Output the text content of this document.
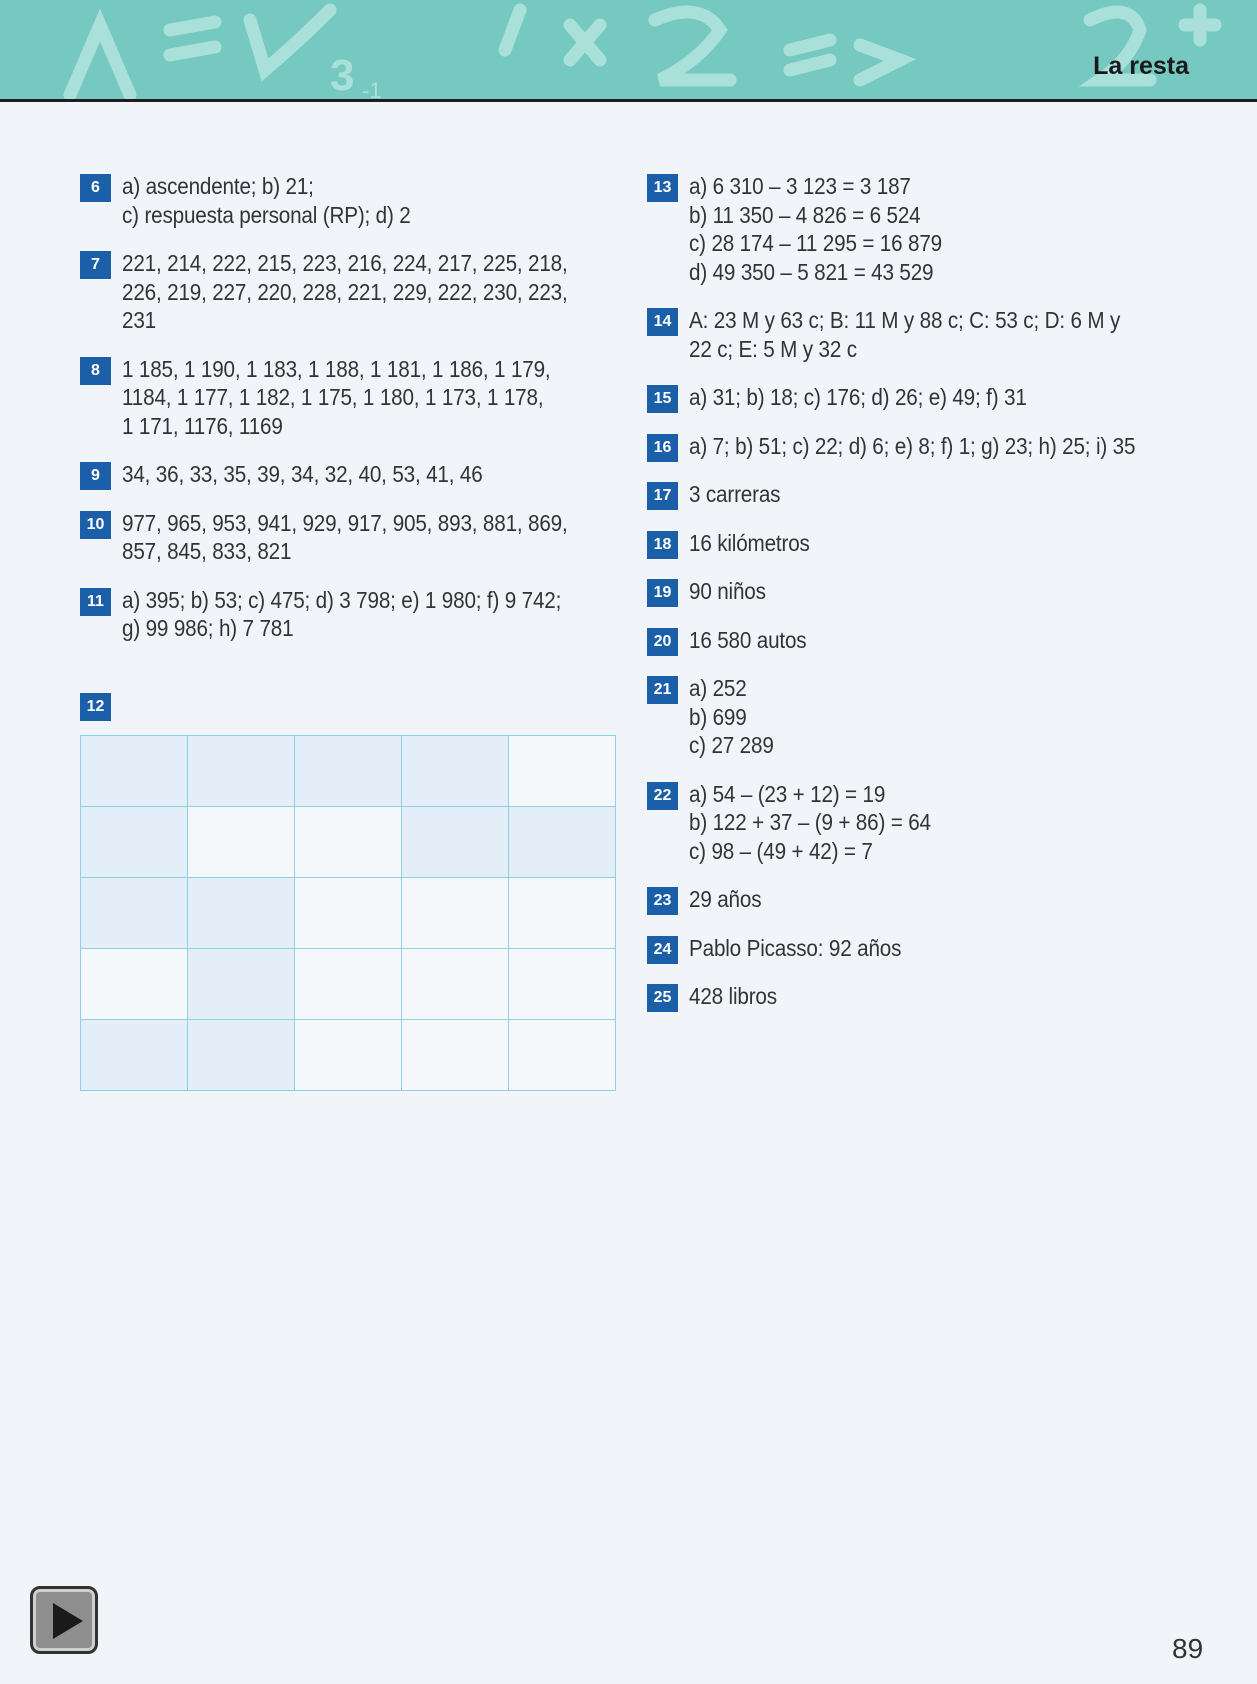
3 -1
La resta
6 a) ascendente; b) 21;
c) respuesta personal (RP); d) 2
7 221, 214, 222, 215, 223, 216, 224, 217, 225, 218,
226, 219, 227, 220, 228, 221, 229, 222, 230, 223,
231
8 1 185, 1 190, 1 183, 1 188, 1 181, 1 186, 1 179,
1184, 1 177, 1 182, 1 175, 1 180, 1 173, 1 178,
1 171, 1176, 1169
9 34, 36, 33, 35, 39, 34, 32, 40, 53, 41, 46
10 977, 965, 953, 941, 929, 917, 905, 893, 881, 869,
857, 845, 833, 821
11 a) 395; b) 53; c) 475; d) 3 798; e) 1 980; f) 9 742;
g) 99 986; h) 7 781
12

13 a) 6 310 – 3 123 = 3 187
b) 11 350 – 4 826 = 6 524
c) 28 174 – 11 295 = 16 879
d) 49 350 – 5 821 = 43 529
14 A: 23 M y 63 c; B: 11 M y 88 c; C: 53 c; D: 6 M y
22 c; E: 5 M y 32 c
15 a) 31; b) 18; c) 176; d) 26; e) 49; f) 31
16 a) 7; b) 51; c) 22; d) 6; e) 8; f) 1; g) 23; h) 25; i) 35
17 3 carreras
18 16 kilómetros
19 90 niños
20 16 580 autos
21 a) 252
b) 699
c) 27 289
22 a) 54 – (23 + 12) = 19
b) 122 + 37 – (9 + 86) = 64
c) 98 – (49 + 42) = 7
23 29 años
24 Pablo Picasso: 92 años
25 428 libros
89
